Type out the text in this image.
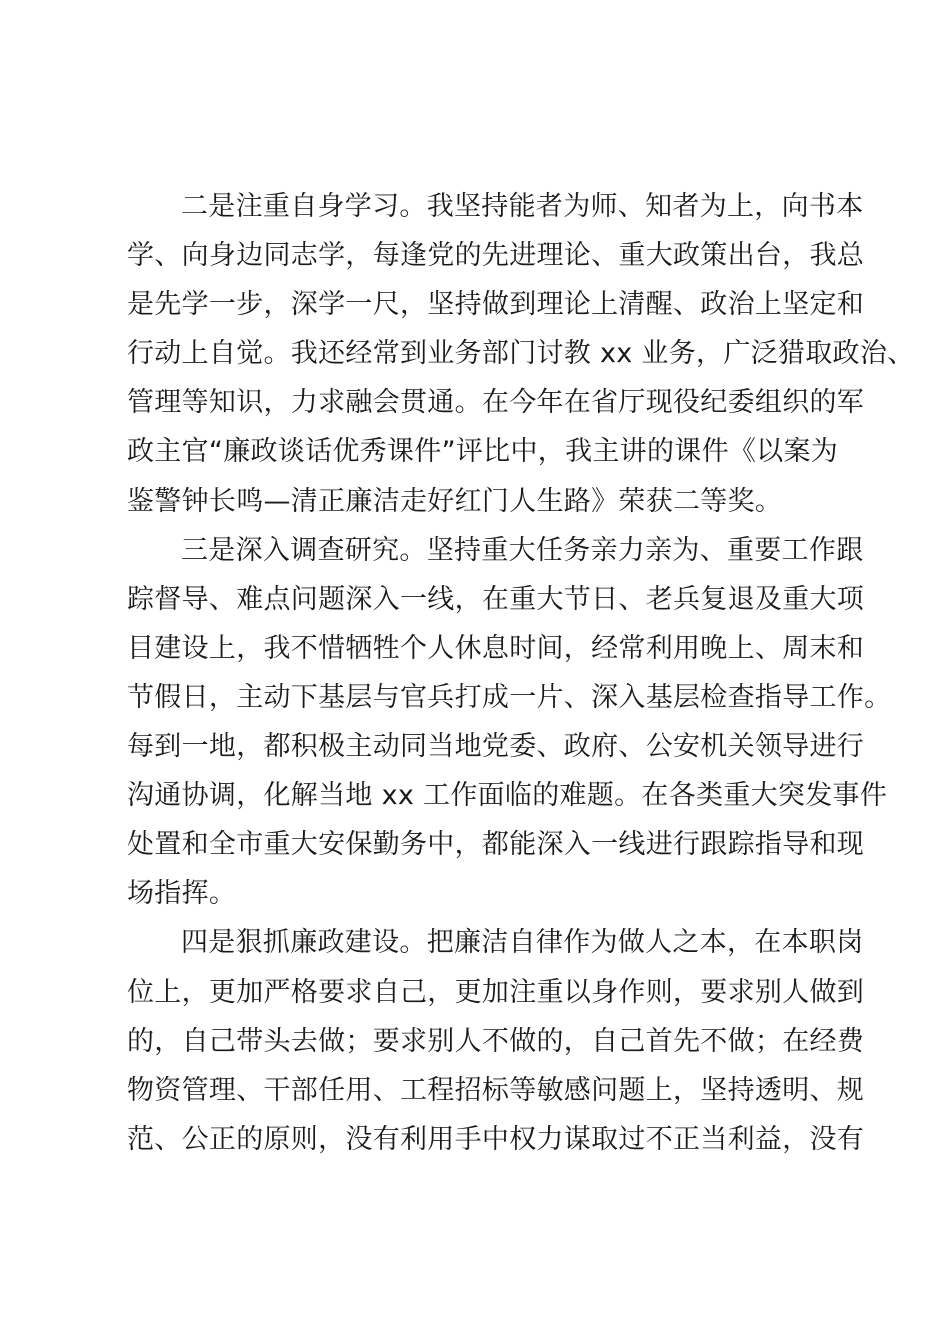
二是注重自身学习。我坚持能者为师、知者为上，向书本
学、向身边同志学，每逢党的先进理论、重大政策出台，我总
是先学一步，深学一尺，坚持做到理论上清醒、政治上坚定和
行动上自觉。我还经常到业务部门讨教 xx 业务，广泛猎取政治、
管理等知识，力求融会贯通。在今年在省厅现役纪委组织的军
政主官“廉政谈话优秀课件”评比中，我主讲的课件《以案为
鉴警钟长鸣—清正廉洁走好红门人生路》荣获二等奖。

三是深入调查研究。坚持重大任务亲力亲为、重要工作跟
踪督导、难点问题深入一线，在重大节日、老兵复退及重大项
目建设上，我不惜牺牲个人休息时间，经常利用晚上、周末和
节假日，主动下基层与官兵打成一片、深入基层检查指导工作。
每到一地，都积极主动同当地党委、政府、公安机关领导进行
沟通协调，化解当地 xx 工作面临的难题。在各类重大突发事件
处置和全市重大安保勤务中，都能深入一线进行跟踪指导和现
场指挥。

四是狠抓廉政建设。把廉洁自律作为做人之本，在本职岗
位上，更加严格要求自己，更加注重以身作则，要求别人做到
的，自己带头去做；要求别人不做的，自己首先不做；在经费
物资管理、干部任用、工程招标等敏感问题上，坚持透明、规
范、公正的原则，没有利用手中权力谋取过不正当利益，没有
